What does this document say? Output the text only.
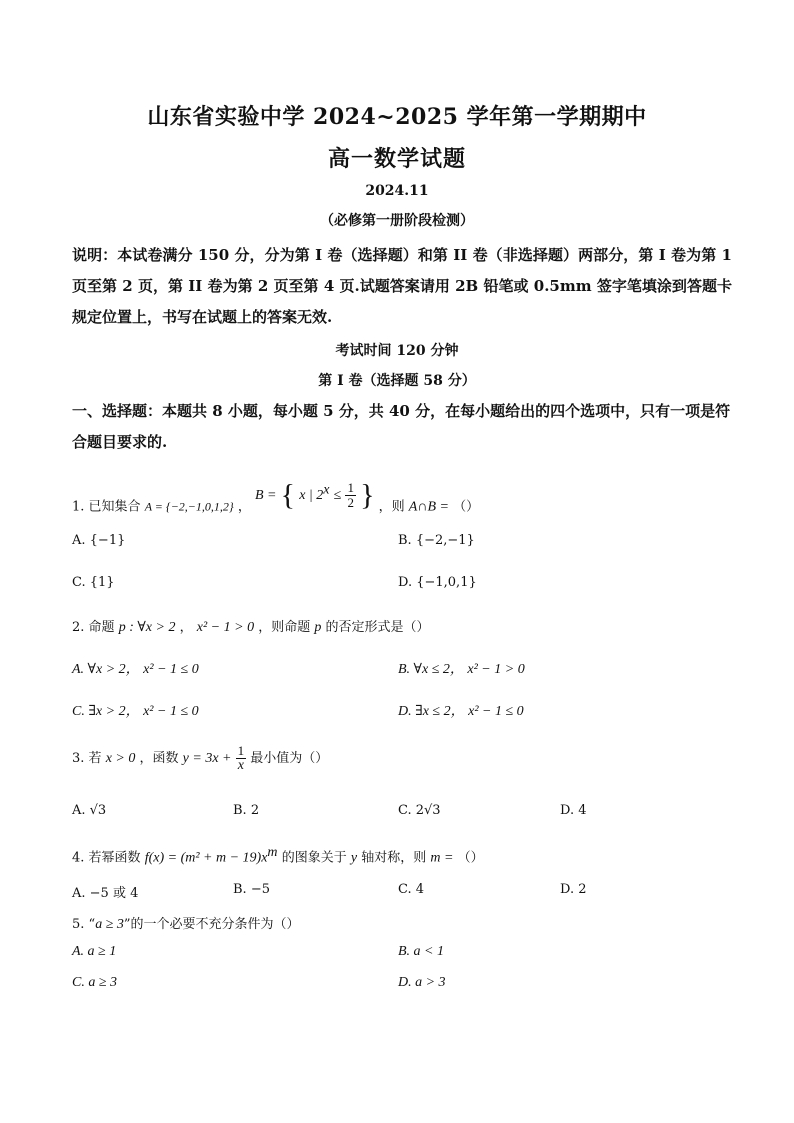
山东省实验中学 2024~2025 学年第一学期期中
高一数学试题
2024.11
（必修第一册阶段检测）
说明：本试卷满分 150 分，分为第 I 卷（选择题）和第 II 卷（非选择题）两部分，第 I 卷为第 1 页至第 2 页，第 II 卷为第 2 页至第 4 页.试题答案请用 2B 铅笔或 0.5mm 签字笔填涂到答题卡规定位置上，书写在试题上的答案无效.
考试时间 120 分钟
第 I 卷（选择题 58 分）
一、选择题：本题共 8 小题，每小题 5 分，共 40 分，在每小题给出的四个选项中，只有一项是符合题目要求的.
1. 已知集合 A = {−2,−1,0,1,2} ， B = { x | $2^x \le \frac{1}{2}$ } ，则 A∩B = （）
A. {−1}	B. {−2,−1}
C. {1}	D. {−1,0,1}
2. 命题 p : ∀x > 2 ， x² − 1 > 0 ，则命题 p 的否定形式是（）
A. ∀x > 2， x² − 1 ≤ 0	B. ∀x ≤ 2， x² − 1 > 0
C. ∃x > 2， x² − 1 ≤ 0	D. ∃x ≤ 2， x² − 1 ≤ 0
3. 若 x > 0 ，函数 $y = 3x + \frac{1}{x}$ 最小值为（）
A. √3	B. 2	C. 2√3	D. 4
4. 若幂函数 $f(x) = (m^2 + m - 19)x^m$ 的图象关于 y 轴对称，则 m = （）
A. −5 或 4	B. −5	C. 4	D. 2
5. “a ≥ 3”的一个必要不充分条件为（）
A. a ≥ 1	B. a < 1
C. a ≥ 3	D. a > 3
